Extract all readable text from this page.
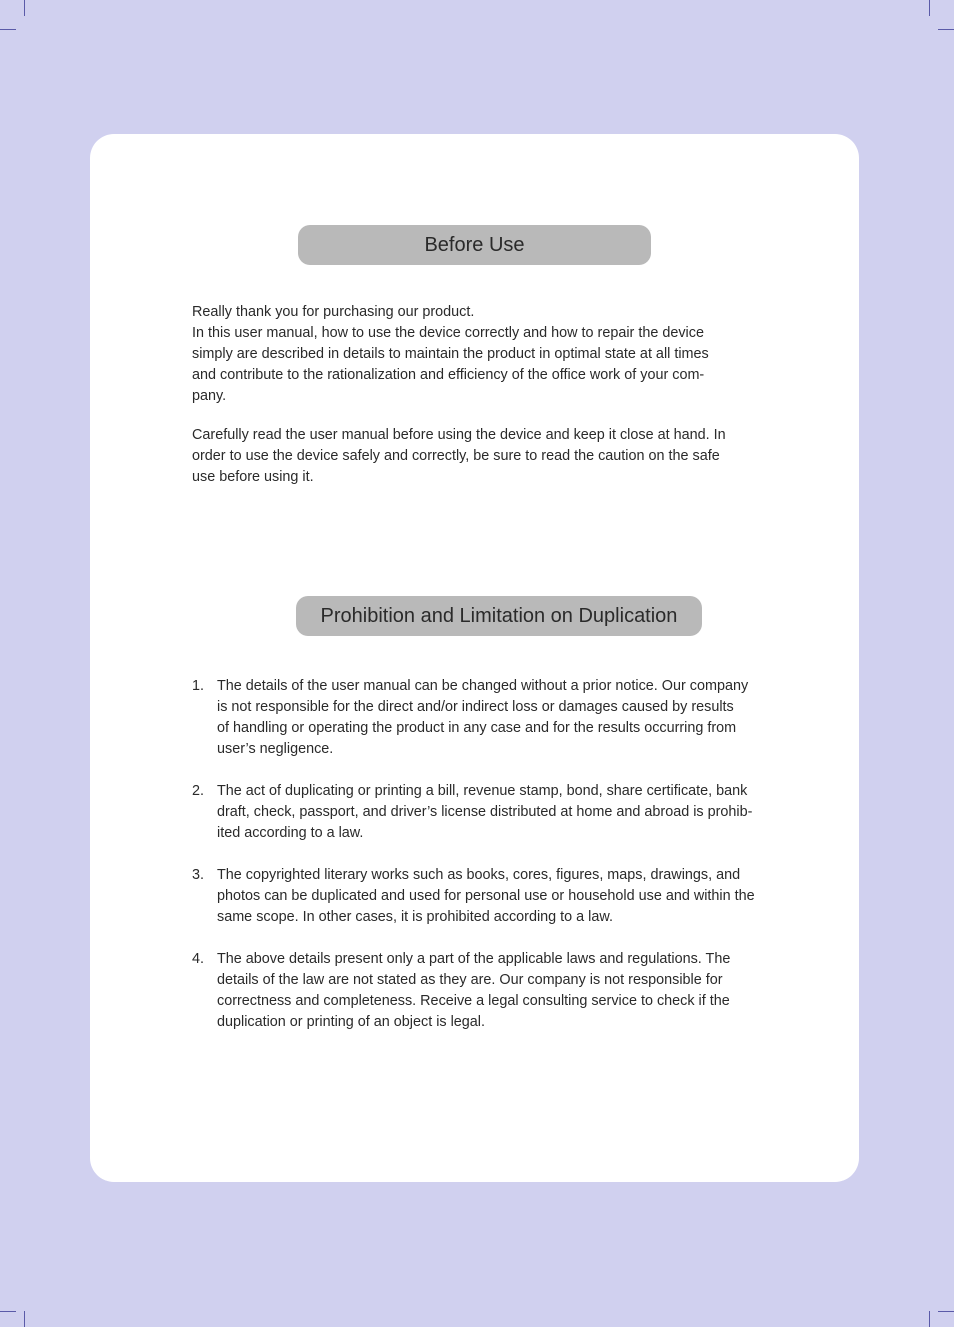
Before Use

Really thank you for purchasing our product.
In this user manual, how to use the device correctly and how to repair the device
simply are described in details to maintain the product in optimal state at all times
and contribute to the rationalization and efficiency of the office work of your com-
pany.

Carefully read the user manual before using the device and keep it close at hand. In
order to use the device safely and correctly, be sure to read the caution on the safe
use before using it.

Prohibition and Limitation on Duplication
1. The details of the user manual can be changed without a prior notice. Our company
is not responsible for the direct and/or indirect loss or damages caused by results
of handling or operating the product in any case and for the results occurring from
user’s negligence.
2. The act of duplicating or printing a bill, revenue stamp, bond, share certificate, bank
draft, check, passport, and driver’s license distributed at home and abroad is prohib-
ited according to a law.
3. The copyrighted literary works such as books, cores, figures, maps, drawings, and
photos can be duplicated and used for personal use or household use and within the
same scope. In other cases, it is prohibited according to a law.
4. The above details present only a part of the applicable laws and regulations. The
details of the law are not stated as they are. Our company is not responsible for
correctness and completeness. Receive a legal consulting service to check if the
duplication or printing of an object is legal.
